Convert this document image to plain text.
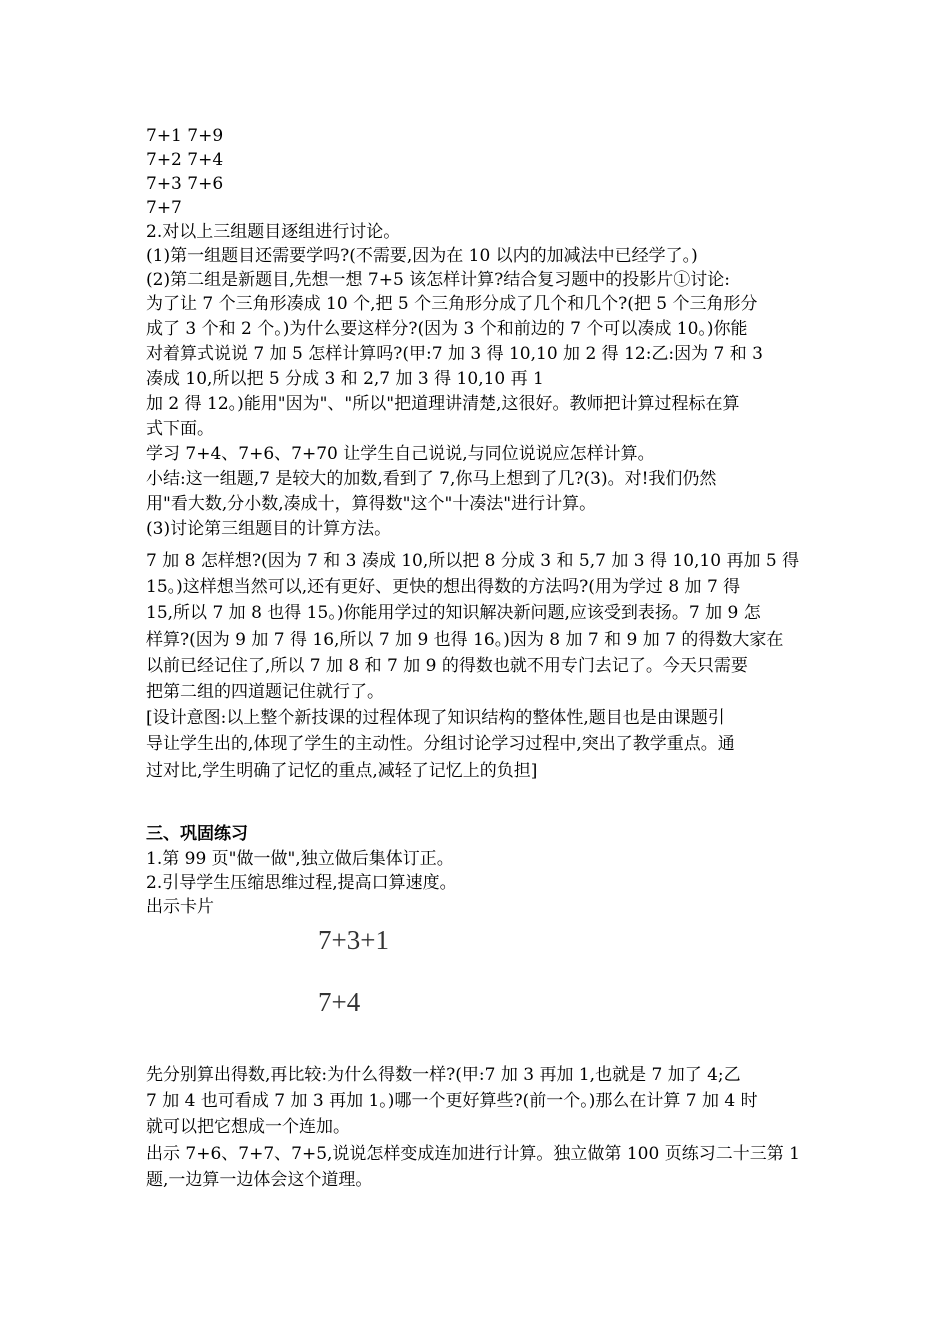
7+1 7+9
7+2 7+4
7+3 7+6
7+7
2.对以上三组题目逐组进行讨论。
(1)第一组题目还需要学吗?(不需要,因为在 10 以内的加减法中已经学了。)
(2)第二组是新题目,先想一想 7+5 该怎样计算?结合复习题中的投影片①讨论:
为了让 7 个三角形凑成 10 个,把 5 个三角形分成了几个和几个?(把 5 个三角形分
成了 3 个和 2 个。)为什么要这样分?(因为 3 个和前边的 7 个可以凑成 10。)你能
对着算式说说 7 加 5 怎样计算吗?(甲:7 加 3 得 10,10 加 2 得 12:乙:因为 7 和 3
凑成 10,所以把 5 分成 3 和 2,7 加 3 得 10,10 再 1
加 2 得 12。)能用"因为"、"所以"把道理讲清楚,这很好。教师把计算过程标在算
式下面。
学习 7+4、7+6、7+70 让学生自己说说,与同位说说应怎样计算。
小结:这一组题,7 是较大的加数,看到了 7,你马上想到了几?(3)。对!我们仍然
用"看大数,分小数,凑成十，算得数"这个"十凑法"进行计算。
(3)讨论第三组题目的计算方法。
7 加 8 怎样想?(因为 7 和 3 凑成 10,所以把 8 分成 3 和 5,7 加 3 得 10,10 再加 5 得
15。)这样想当然可以,还有更好、更快的想出得数的方法吗?(用为学过 8 加 7 得
15,所以 7 加 8 也得 15。)你能用学过的知识解决新问题,应该受到表扬。7 加 9 怎
样算?(因为 9 加 7 得 16,所以 7 加 9 也得 16。)因为 8 加 7 和 9 加 7 的得数大家在
以前已经记住了,所以 7 加 8 和 7 加 9 的得数也就不用专门去记了。今天只需要
把第二组的四道题记住就行了。
[设计意图:以上整个新技课的过程体现了知识结构的整体性,题目也是由课题引
导让学生出的,体现了学生的主动性。分组讨论学习过程中,突出了教学重点。通
过对比,学生明确了记忆的重点,减轻了记忆上的负担]
三、巩固练习
1.第 99 页"做一做",独立做后集体订正。
2.引导学生压缩思维过程,提高口算速度。
出示卡片
7+3+1
7+4
先分别算出得数,再比较:为什么得数一样?(甲:7 加 3 再加 1,也就是 7 加了 4;乙
7 加 4 也可看成 7 加 3 再加 1。)哪一个更好算些?(前一个。)那么在计算 7 加 4 时
就可以把它想成一个连加。
出示 7+6、7+7、7+5,说说怎样变成连加进行计算。独立做第 100 页练习二十三第 1
题,一边算一边体会这个道理。
